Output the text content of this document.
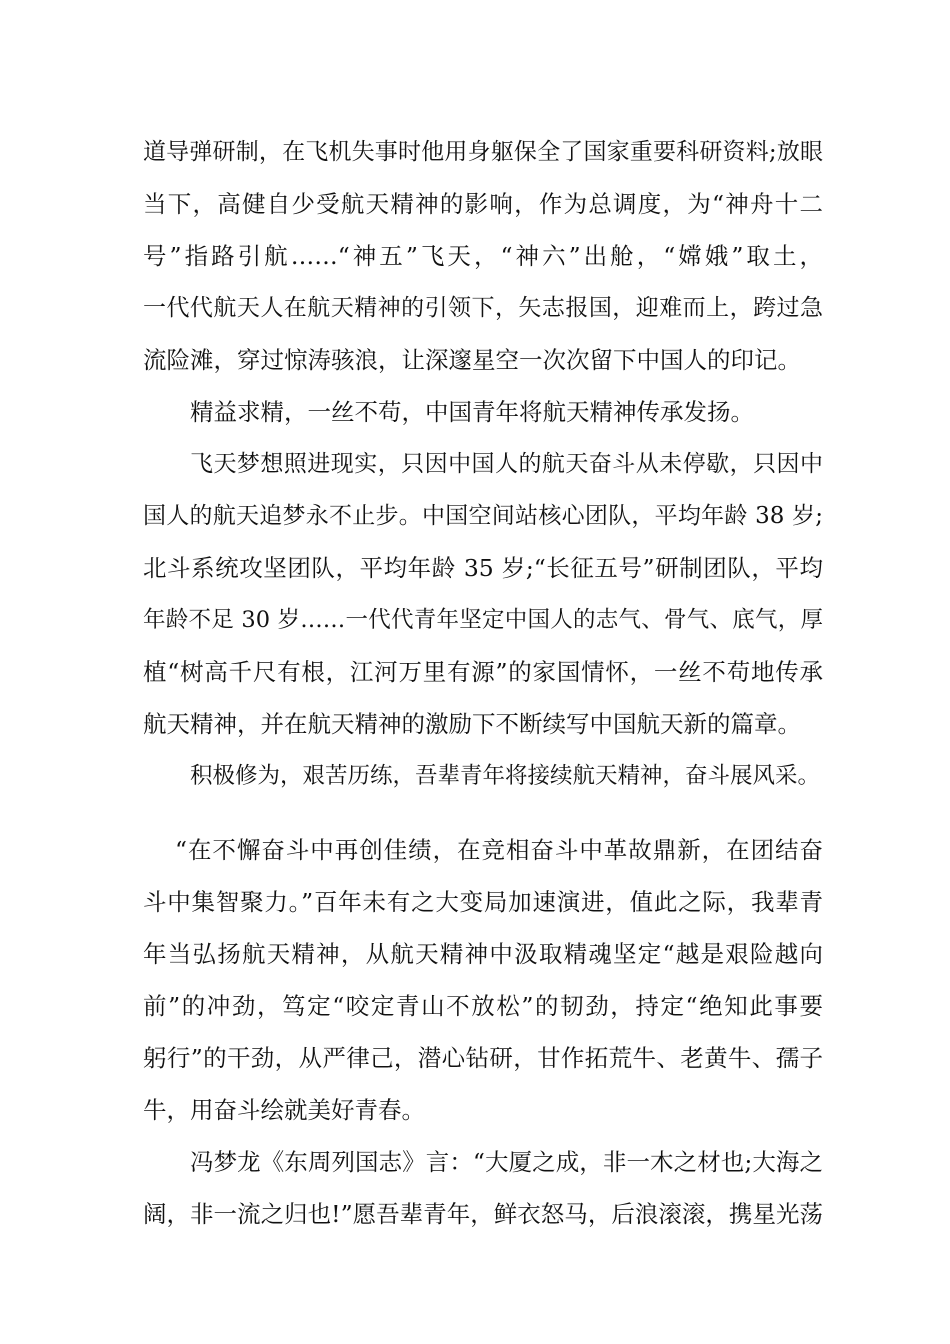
道导弹研制，在飞机失事时他用身躯保全了国家重要科研资料;放眼
当下，高健自少受航天精神的影响，作为总调度，为“神舟十二
号”指路引航……“神五”飞天，“神六”出舱，“嫦娥”取土，
一代代航天人在航天精神的引领下，矢志报国，迎难而上，跨过急
流险滩，穿过惊涛骇浪，让深邃星空一次次留下中国人的印记。
精益求精，一丝不苟，中国青年将航天精神传承发扬。
飞天梦想照进现实，只因中国人的航天奋斗从未停歇，只因中
国人的航天追梦永不止步。中国空间站核心团队，平均年龄 38 岁;
北斗系统攻坚团队，平均年龄 35 岁;“长征五号”研制团队，平均
年龄不足 30 岁……一代代青年坚定中国人的志气、骨气、底气，厚
植“树高千尺有根，江河万里有源”的家国情怀，一丝不苟地传承
航天精神，并在航天精神的激励下不断续写中国航天新的篇章。
积极修为，艰苦历练，吾辈青年将接续航天精神，奋斗展风采。
“在不懈奋斗中再创佳绩，在竞相奋斗中革故鼎新，在团结奋
斗中集智聚力。”百年未有之大变局加速演进，值此之际，我辈青
年当弘扬航天精神，从航天精神中汲取精魂坚定“越是艰险越向
前”的冲劲，笃定“咬定青山不放松”的韧劲，持定“绝知此事要
躬行”的干劲，从严律己，潜心钻研，甘作拓荒牛、老黄牛、孺子
牛，用奋斗绘就美好青春。
冯梦龙《东周列国志》言：“大厦之成，非一木之材也;大海之
阔，非一流之归也!”愿吾辈青年，鲜衣怒马，后浪滚滚，携星光荡
